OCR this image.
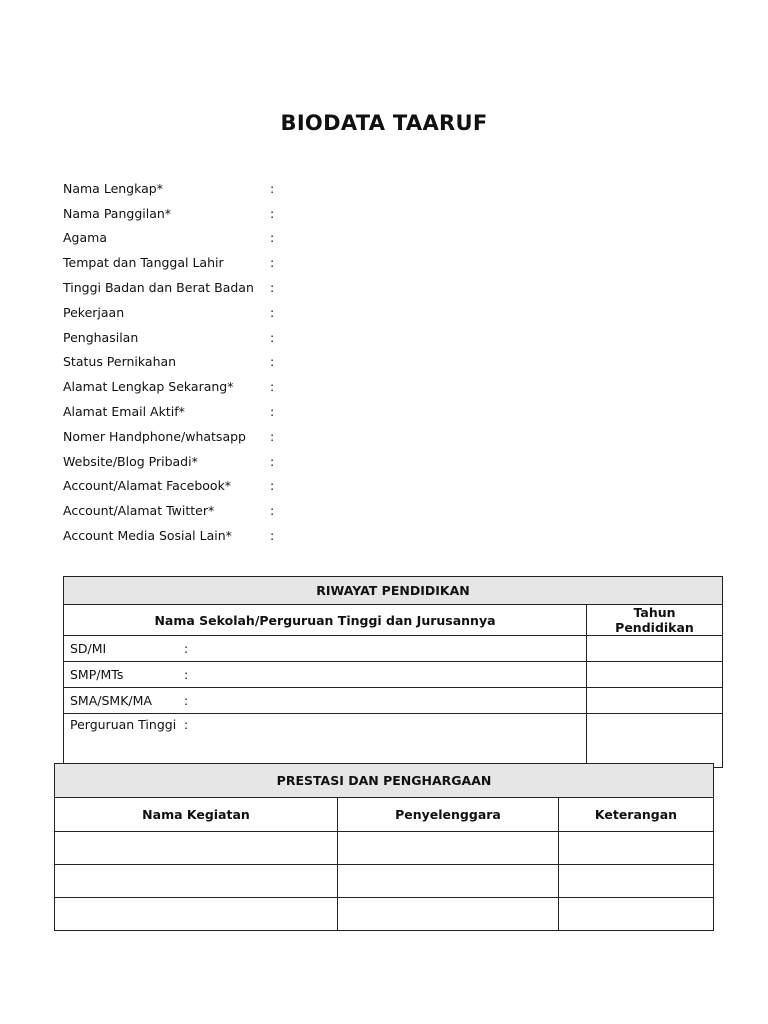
BIODATA TAARUF
Nama Lengkap*	:
Nama Panggilan*	:
Agama	:
Tempat dan Tanggal Lahir	:
Tinggi Badan dan Berat Badan	:
Pekerjaan	:
Penghasilan	:
Status Pernikahan	:
Alamat Lengkap Sekarang*	:
Alamat Email Aktif*	:
Nomer Handphone/whatsapp	:
Website/Blog Pribadi*	:
Account/Alamat Facebook*	:
Account/Alamat Twitter*	:
Account Media Sosial Lain*	:
RIWAYAT PENDIDIKAN	
Nama Sekolah/Perguruan Tinggi dan Jurusannya	Tahun Pendidikan
SD/MI :	
SMP/MTs :	
SMA/SMK/MA :	
Perguruan Tinggi :	
PRESTASI DAN PENGHARGAAN		
Nama Kegiatan	Penyelenggara	Keterangan
